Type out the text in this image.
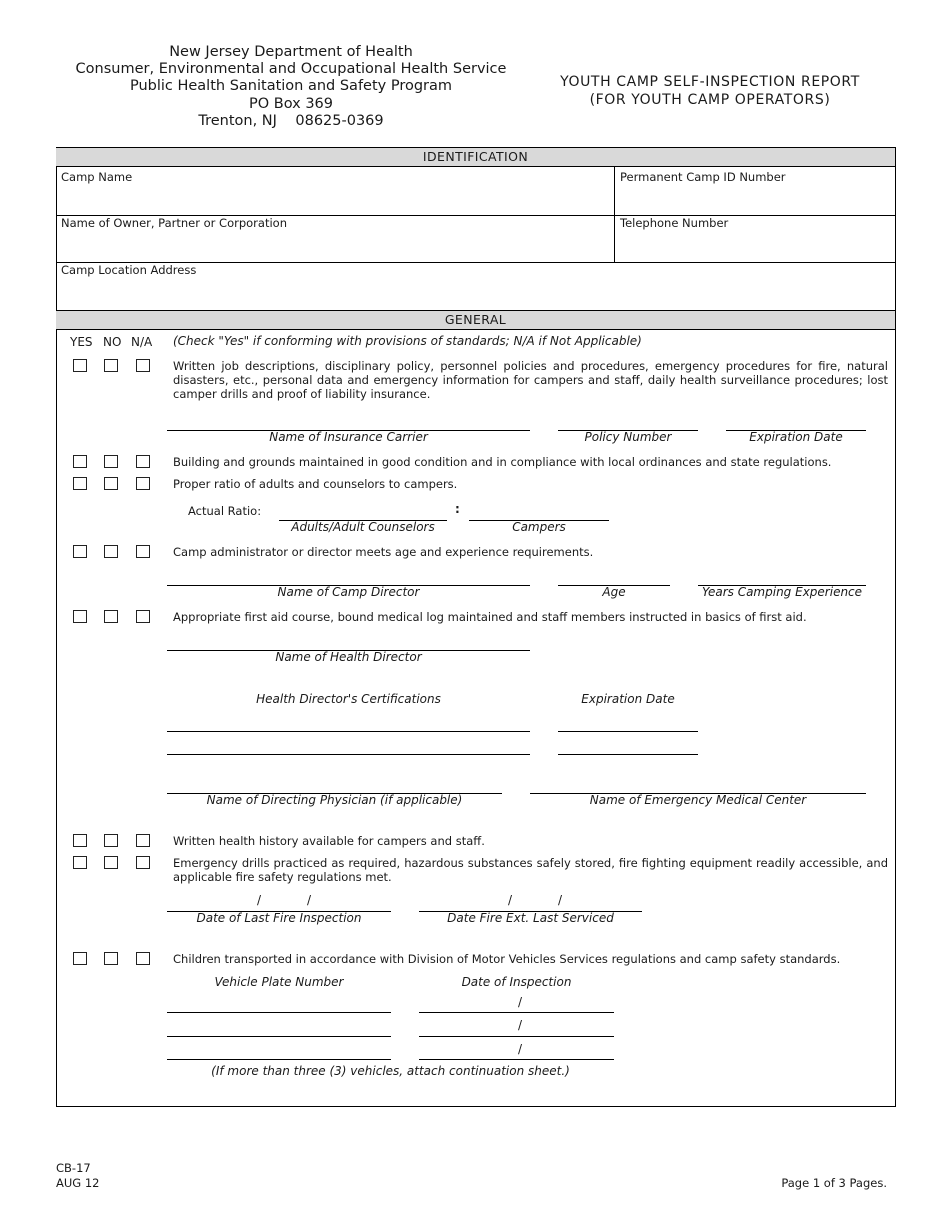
New Jersey Department of Health
Consumer, Environmental and Occupational Health Service
Public Health Sanitation and Safety Program
PO Box 369
Trenton, NJ    08625-0369
YOUTH CAMP SELF-INSPECTION REPORT
(FOR YOUTH CAMP OPERATORS)
IDENTIFICATION
Camp Name	Permanent Camp ID Number
Name of Owner, Partner or Corporation	Telephone Number
Camp Location Address
GENERAL
YES NO N/A (Check "Yes" if conforming with provisions of standards; N/A if Not Applicable)
Written job descriptions, disciplinary policy, personnel policies and procedures, emergency procedures for fire, natural disasters, etc., personal data and emergency information for campers and staff, daily health surveillance procedures; lost camper drills and proof of liability insurance.
Name of Insurance Carrier	Policy Number	Expiration Date
Building and grounds maintained in good condition and in compliance with local ordinances and state regulations.
Proper ratio of adults and counselors to campers.
Actual Ratio:	:
Adults/Adult Counselors	Campers
Camp administrator or director meets age and experience requirements.
Name of Camp Director	Age	Years Camping Experience
Appropriate first aid course, bound medical log maintained and staff members instructed in basics of first aid.
Name of Health Director
Health Director's Certifications	Expiration Date
Name of Directing Physician (if applicable)	Name of Emergency Medical Center
Written health history available for campers and staff.
Emergency drills practiced as required, hazardous substances safely stored, fire fighting equipment readily accessible, and applicable fire safety regulations met.
/	/	/	/
Date of Last Fire Inspection	Date Fire Ext. Last Serviced
Children transported in accordance with Division of Motor Vehicles Services regulations and camp safety standards.
Vehicle Plate Number	Date of Inspection
/
/
/
(If more than three (3) vehicles, attach continuation sheet.)
CB-17
AUG 12	Page 1 of 3 Pages.
